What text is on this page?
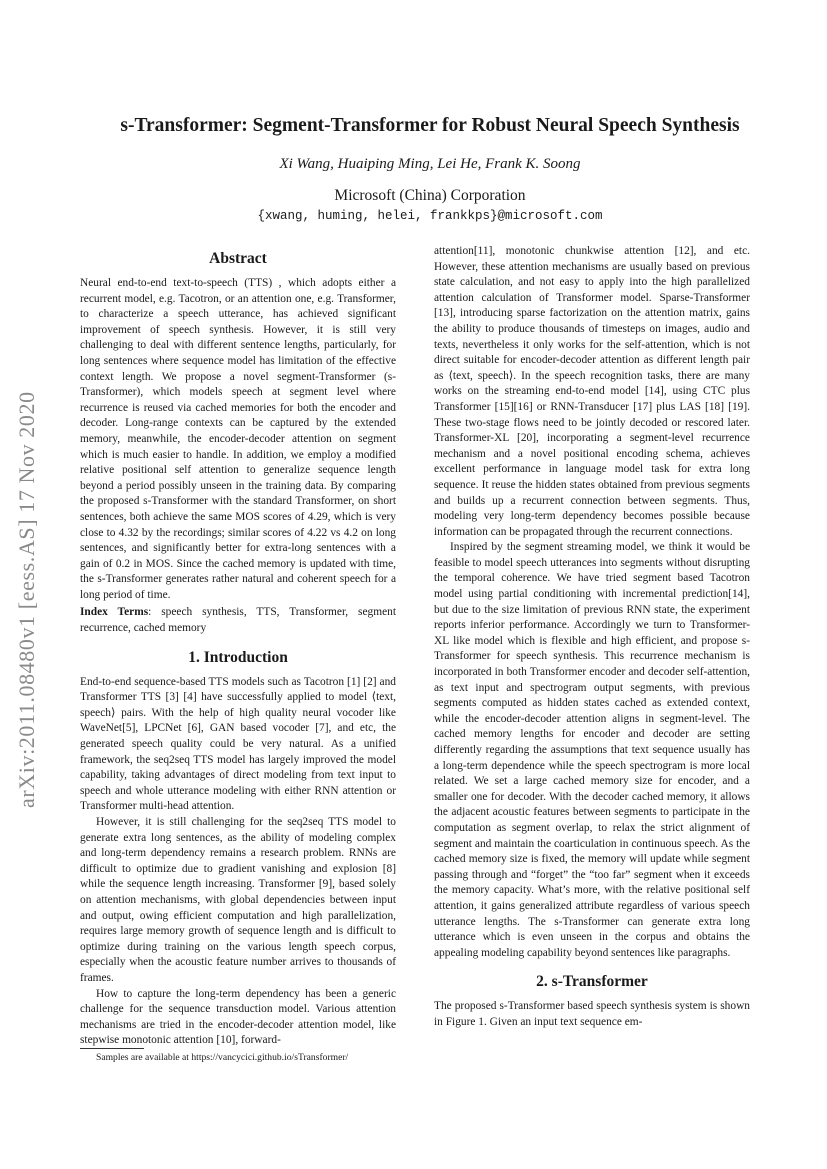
arXiv:2011.08480v1 [eess.AS] 17 Nov 2020
s-Transformer: Segment-Transformer for Robust Neural Speech Synthesis

Xi Wang, Huaiping Ming, Lei He, Frank K. Soong

Microsoft (China) Corporation

{xwang, huming, helei, frankkps}@microsoft.com

Abstract

Neural end-to-end text-to-speech (TTS) , which adopts either a recurrent model, e.g. Tacotron, or an attention one, e.g. Transformer, to characterize a speech utterance, has achieved significant improvement of speech synthesis. However, it is still very challenging to deal with different sentence lengths, particularly, for long sentences where sequence model has limitation of the effective context length. We propose a novel segment-Transformer (s-Transformer), which models speech at segment level where recurrence is reused via cached memories for both the encoder and decoder. Long-range contexts can be captured by the extended memory, meanwhile, the encoder-decoder attention on segment which is much easier to handle. In addition, we employ a modified relative positional self attention to generalize sequence length beyond a period possibly unseen in the training data. By comparing the proposed s-Transformer with the standard Transformer, on short sentences, both achieve the same MOS scores of 4.29, which is very close to 4.32 by the recordings; similar scores of 4.22 vs 4.2 on long sentences, and significantly better for extra-long sentences with a gain of 0.2 in MOS. Since the cached memory is updated with time, the s-Transformer generates rather natural and coherent speech for a long period of time.

Index Terms: speech synthesis, TTS, Transformer, segment recurrence, cached memory

1. Introduction

End-to-end sequence-based TTS models such as Tacotron [1] [2] and Transformer TTS [3] [4] have successfully applied to model ⟨text, speech⟩ pairs. With the help of high quality neural vocoder like WaveNet[5], LPCNet [6], GAN based vocoder [7], and etc, the generated speech quality could be very natural. As a unified framework, the seq2seq TTS model has largely improved the model capability, taking advantages of direct modeling from text input to speech and whole utterance modeling with either RNN attention or Transformer multi-head attention.

However, it is still challenging for the seq2seq TTS model to generate extra long sentences, as the ability of modeling complex and long-term dependency remains a research problem. RNNs are difficult to optimize due to gradient vanishing and explosion [8] while the sequence length increasing. Transformer [9], based solely on attention mechanisms, with global dependencies between input and output, owing efficient computation and high parallelization, requires large memory growth of sequence length and is difficult to optimize during training on the various length speech corpus, especially when the acoustic feature number arrives to thousands of frames.

How to capture the long-term dependency has been a generic challenge for the sequence transduction model. Various attention mechanisms are tried in the encoder-decoder attention model, like stepwise monotonic attention [10], forward-

attention[11], monotonic chunkwise attention [12], and etc. However, these attention mechanisms are usually based on previous state calculation, and not easy to apply into the high parallelized attention calculation of Transformer model. Sparse-Transformer [13], introducing sparse factorization on the attention matrix, gains the ability to produce thousands of timesteps on images, audio and texts, nevertheless it only works for the self-attention, which is not direct suitable for encoder-decoder attention as different length pair as ⟨text, speech⟩. In the speech recognition tasks, there are many works on the streaming end-to-end model [14], using CTC plus Transformer [15][16] or RNN-Transducer [17] plus LAS [18] [19]. These two-stage flows need to be jointly decoded or rescored later. Transformer-XL [20], incorporating a segment-level recurrence mechanism and a novel positional encoding schema, achieves excellent performance in language model task for extra long sequence. It reuse the hidden states obtained from previous segments and builds up a recurrent connection between segments. Thus, modeling very long-term dependency becomes possible because information can be propagated through the recurrent connections.

Inspired by the segment streaming model, we think it would be feasible to model speech utterances into segments without disrupting the temporal coherence. We have tried segment based Tacotron model using partial conditioning with incremental prediction[14], but due to the size limitation of previous RNN state, the experiment reports inferior performance. Accordingly we turn to Transformer-XL like model which is flexible and high efficient, and propose s-Transformer for speech synthesis. This recurrence mechanism is incorporated in both Transformer encoder and decoder self-attention, as text input and spectrogram output segments, with previous segments computed as hidden states cached as extended context, while the encoder-decoder attention aligns in segment-level. The cached memory lengths for encoder and decoder are setting differently regarding the assumptions that text sequence usually has a long-term dependence while the speech spectrogram is more local related. We set a large cached memory size for encoder, and a smaller one for decoder. With the decoder cached memory, it allows the adjacent acoustic features between segments to participate in the computation as segment overlap, to relax the strict alignment of segment and maintain the coarticulation in continuous speech. As the cached memory size is fixed, the memory will update while segment passing through and “forget” the “too far” segment when it exceeds the memory capacity. What’s more, with the relative positional self attention, it gains generalized attribute regardless of various speech utterance lengths. The s-Transformer can generate extra long utterance which is even unseen in the corpus and obtains the appealing modeling capability beyond sentences like paragraphs.

2. s-Transformer

The proposed s-Transformer based speech synthesis system is shown in Figure 1. Given an input text sequence em-

Samples are available at https://vancycici.github.io/sTransformer/
